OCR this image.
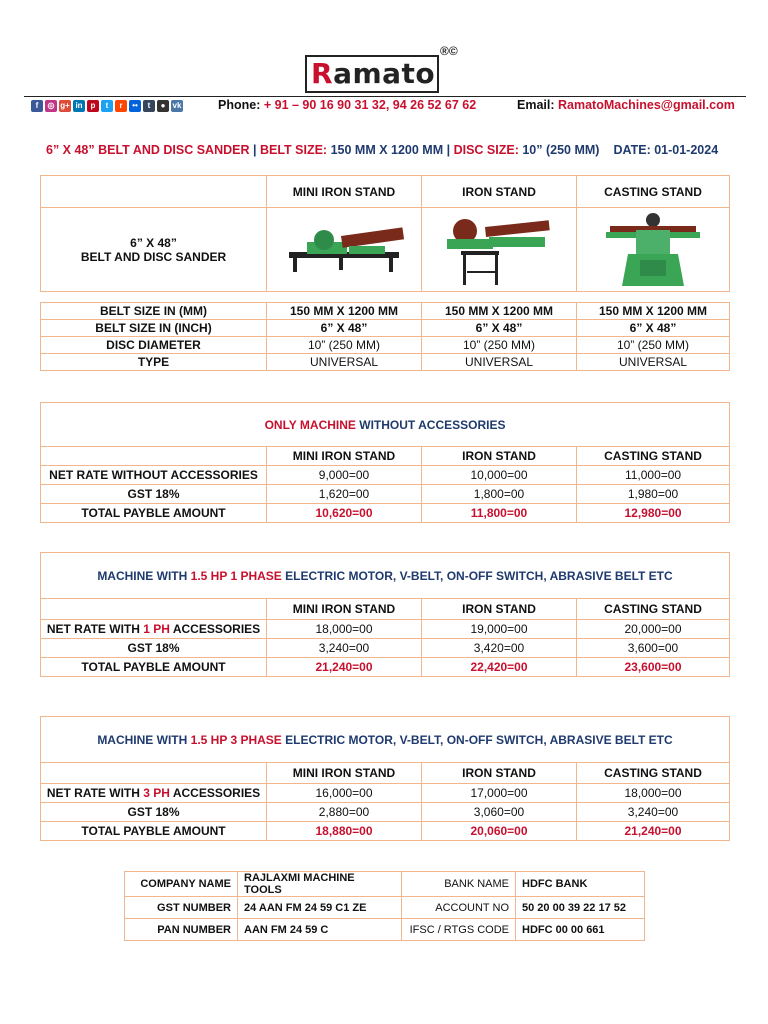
Ramato
®©
f	◎ g+ in	p	t	r	••	t	● vk	Phone: + 91 – 90 16 90 31 32, 94 26 52 67 62	Email: RamatoMachines@gmail.com
6” X 48” BELT AND DISC SANDER | BELT SIZE: 150 MM X 1200 MM | DISC SIZE: 10” (250 MM) DATE: 01-01-2024
	MINI IRON STAND	IRON STAND	CASTING STAND

6” X 48”
BELT AND DISC SANDER

BELT SIZE IN (MM)	150 MM X 1200 MM	150 MM X 1200 MM	150 MM X 1200 MM
BELT SIZE IN (INCH)	6” X 48”	6” X 48”	6” X 48”
DISC DIAMETER	10” (250 MM)	10” (250 MM)	10” (250 MM)
TYPE	UNIVERSAL	UNIVERSAL	UNIVERSAL
ONLY MACHINE WITHOUT ACCESSORIES			
	MINI IRON STAND	IRON STAND	CASTING STAND
NET RATE WITHOUT ACCESSORIES	9,000=00	10,000=00	11,000=00
GST 18%	1,620=00	1,800=00	1,980=00
TOTAL PAYBLE AMOUNT	10,620=00	11,800=00	12,980=00
MACHINE WITH 1.5 HP 1 PHASE ELECTRIC MOTOR, V-BELT, ON-OFF SWITCH, ABRASIVE BELT ETC			
	MINI IRON STAND	IRON STAND	CASTING STAND
NET RATE WITH 1 PH ACCESSORIES	18,000=00	19,000=00	20,000=00
GST 18%	3,240=00	3,420=00	3,600=00
TOTAL PAYBLE AMOUNT	21,240=00	22,420=00	23,600=00
MACHINE WITH 1.5 HP 3 PHASE ELECTRIC MOTOR, V-BELT, ON-OFF SWITCH, ABRASIVE BELT ETC			
	MINI IRON STAND	IRON STAND	CASTING STAND
NET RATE WITH 3 PH ACCESSORIES	16,000=00	17,000=00	18,000=00
GST 18%	2,880=00	3,060=00	3,240=00
TOTAL PAYBLE AMOUNT	18,880=00	20,060=00	21,240=00
COMPANY NAME	RAJLAXMI MACHINE TOOLS	BANK NAME	HDFC BANK
GST NUMBER	24 AAN FM 24 59 C1 ZE	ACCOUNT NO	50 20 00 39 22 17 52
PAN NUMBER	AAN FM 24 59 C	IFSC / RTGS CODE	HDFC 00 00 661
